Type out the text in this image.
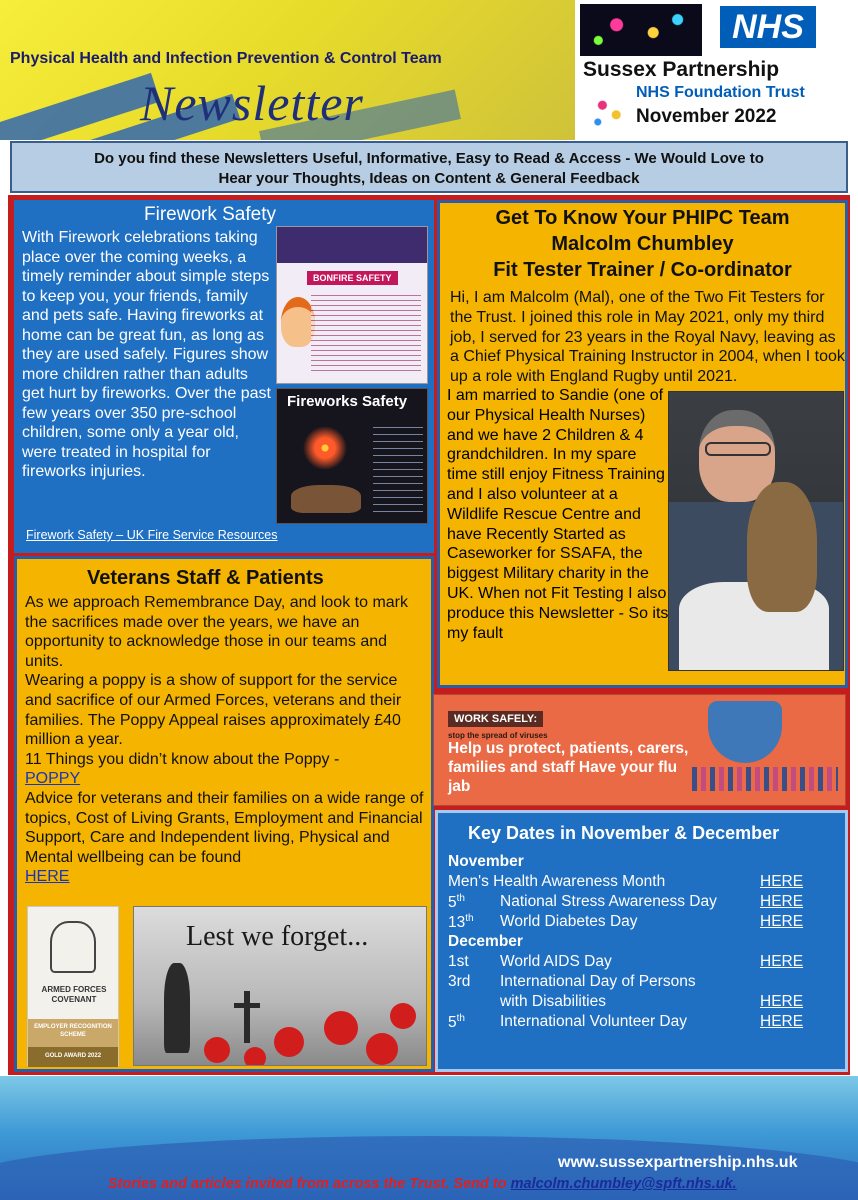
Physical Health and Infection Prevention & Control Team
Newsletter
NHS
Sussex Partnership
NHS Foundation Trust
November 2022
Do you find these Newsletters Useful, Informative, Easy to Read & Access - We Would Love to
Hear your Thoughts, Ideas on Content & General Feedback
Firework Safety
With Firework celebrations taking place over the coming weeks, a timely reminder about simple steps to keep you, your friends, family and pets safe. Having fireworks at home can be great fun, as long as they are used safely. Figures show more children rather than adults get hurt by fireworks. Over the past few years over 350 pre-school children, some only a year old, were treated in hospital for fireworks injuries.
BONFIRE SAFETY
Fireworks Safety
Firework Safety – UK Fire Service Resources
Veterans Staff & Patients

As we approach Remembrance Day, and look to mark the sacrifices made over the years, we have an opportunity to acknowledge those in our teams and units.

Wearing a poppy is a show of support for the service and sacrifice of our Armed Forces, veterans and their families. The Poppy Appeal raises approximately £40 million a year.

11 Things you didn’t know about the Poppy -
POPPY

Advice for veterans and their families on a wide range of topics, Cost of Living Grants, Employment and Financial Support, Care and Independent living, Physical and Mental wellbeing can be found
HERE

ARMED FORCES COVENANT
EMPLOYER RECOGNITION SCHEME
GOLD AWARD 2022
Lest we forget...
Get To Know Your PHIPC Team
Malcolm Chumbley
Fit Tester Trainer / Co-ordinator
Hi, I am Malcolm (Mal), one of the Two Fit Testers for the Trust. I joined this role in May 2021, only my third job, I served for 23 years in the Royal Navy, leaving as a Chief Physical Training Instructor in 2004, when I took up a role with England Rugby until 2021.
I am married to Sandie (one of our Physical Health Nurses) and we have 2 Children & 4 grandchildren. In my spare time still enjoy Fitness Training and I also volunteer at a Wildlife Rescue Centre and have Recently Started as Caseworker for SSAFA, the biggest Military charity in the UK. When not Fit Testing I also produce this Newsletter - So its my fault
WORK SAFELY:
stop the spread of viruses
Help us protect, patients, carers, families and staff Have your flu jab
Key Dates in November & December
November
Men's Health Awareness Month	HERE
5th National Stress Awareness Day	HERE
13th World Diabetes Day	HERE
December
1st World AIDS Day	HERE
3rd International Day of Persons
with Disabilities	HERE
5th International Volunteer Day	HERE
www.sussexpartnership.nhs.uk
Stories and articles invited from across the Trust. Send to malcolm.chumbley@spft.nhs.uk.
